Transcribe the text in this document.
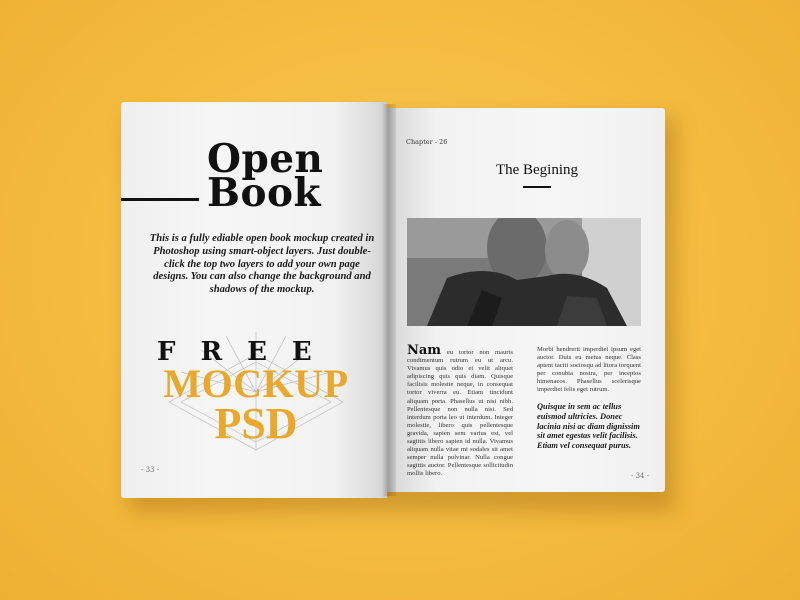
Open
Book
This is a fully ediable open book mockup created in Photoshop using smart-object layers. Just double-click the top two layers to add your own page designs. You can also change the background and shadows of the mockup.
FREE
MOCKUP
PSD
- 33 -
Chapter - 26
The Begining
Nam eu tortor non mauris condimentum rutrum eu ut arcu. Vivamus quis odio et velit aliquet adipiscing quis quis diam. Quisque facilisis molestie neque, in consequat tortor viverra eu. Etiam tincidunt aliquam porta. Phasellus ut nisi nibh. Pellentesque non nulla nisi. Sed interdum porta leo ut interdum. Integer molestie, libero quis pellentesque gravida, sapien sem varius est, vel sagittis libero sapien id nulla. Vivamus aliquam nulla vitae mi sodales sit amet semper nulla pulvinar. Nulla congue sagittis auctor. Pellentesque sollicitudin mollis libero.
Morbi hendrerit imperdiet ipsum eget auctor. Duis eu metus neque. Class aptent taciti sociosqu ad litora torquent per conubia nostra, per inceptos himenaeos. Phasellus scelerisque imperdiet felis eget rutrum.
Quisque in sem ac tellus euismod ultricies. Donec lacinia nisi ac diam dignissim sit amet egestas velit facilisis. Etiam vel consequat purus.
- 34 -
